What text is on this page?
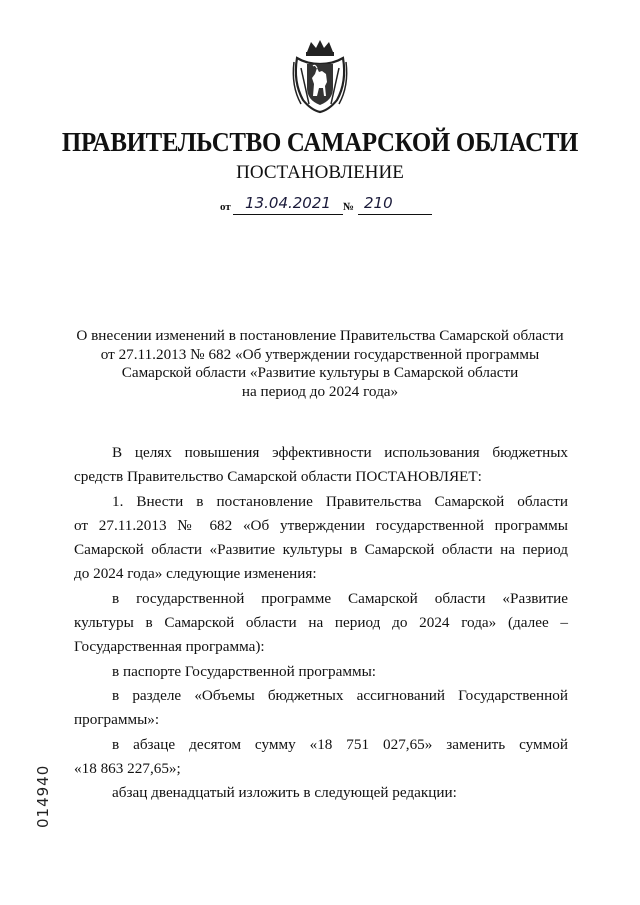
ПРАВИТЕЛЬСТВО САМАРСКОЙ ОБЛАСТИ
ПОСТАНОВЛЕНИЕ
от 13.04.2021	№ 210
О внесении изменений в постановление Правительства Самарской области
от 27.11.2013 № 682 «Об утверждении государственной программы
Самарской области «Развитие культуры в Самарской области
на период до 2024 года»
В целях повышения эффективности использования бюджетных
средств Правительство Самарской области ПОСТАНОВЛЯЕТ:
1. Внести в постановление Правительства Самарской области
от 27.11.2013 № 682 «Об утверждении государственной программы
Самарской области «Развитие культуры в Самарской области на период
до 2024 года» следующие изменения:
в государственной программе Самарской области «Развитие
культуры в Самарской области на период до 2024 года» (далее –
Государственная программа):
в паспорте Государственной программы:
в разделе «Объемы бюджетных ассигнований Государственной
программы»:
в абзаце десятом сумму «18 751 027,65» заменить суммой
«18 863 227,65»;
абзац двенадцатый изложить в следующей редакции:
014940
